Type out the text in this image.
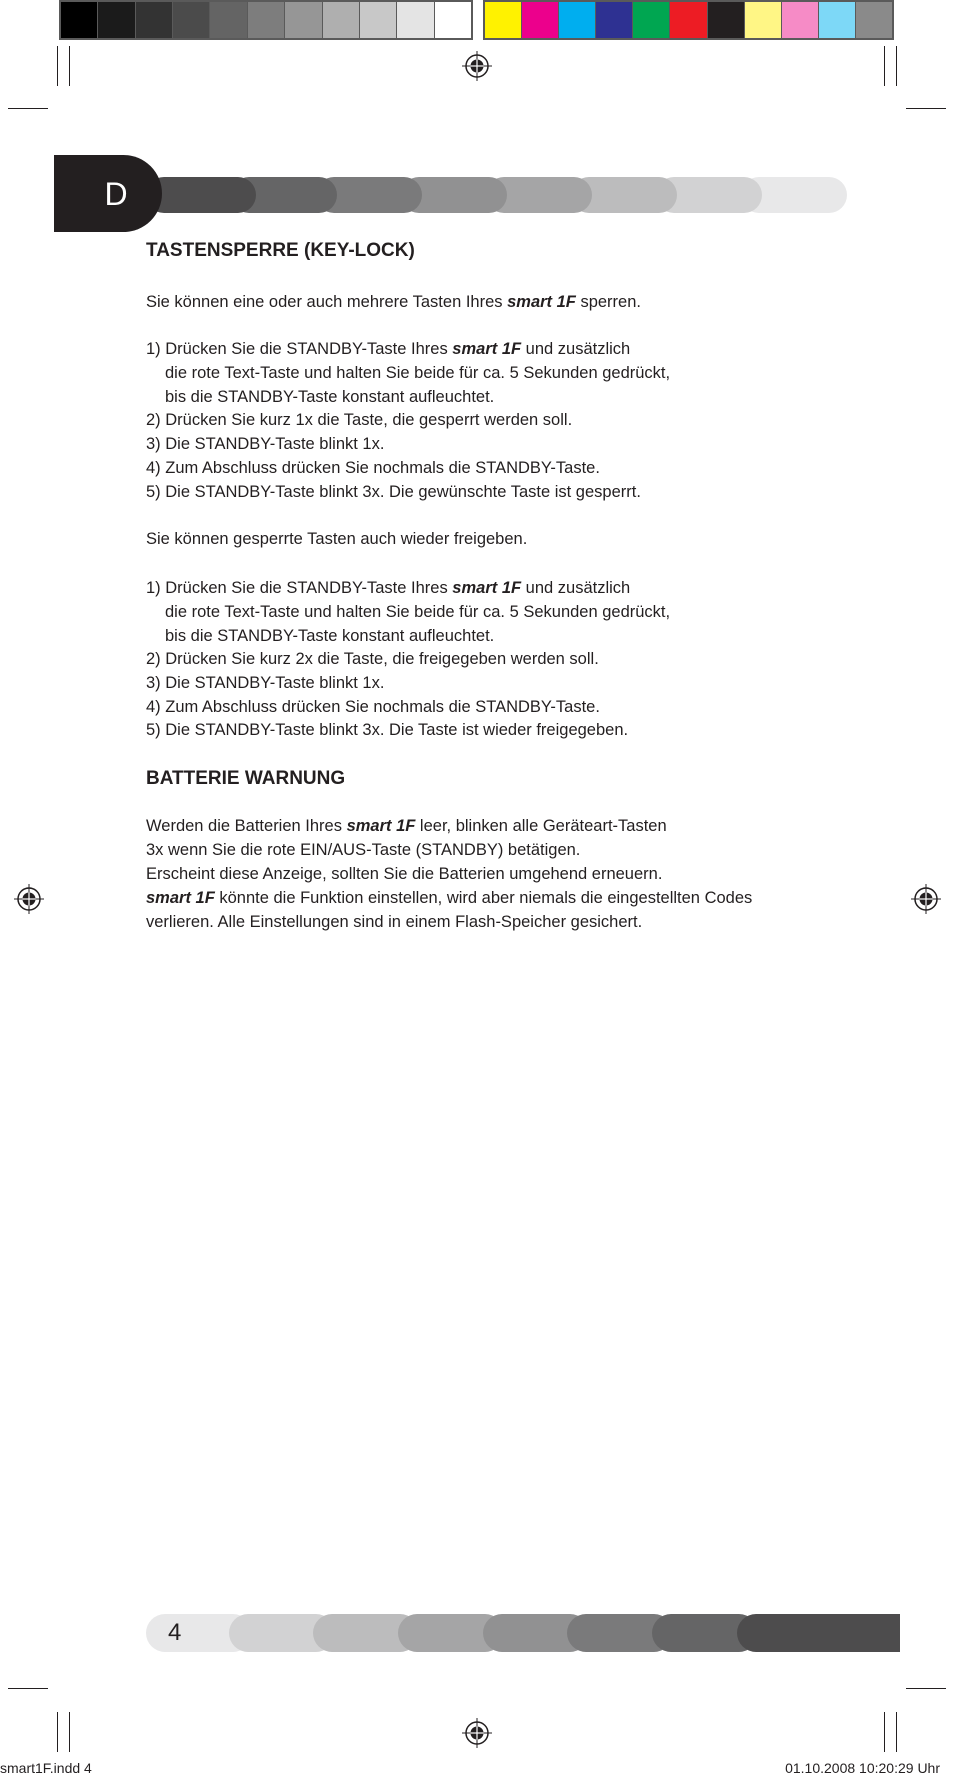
D
TASTENSPERRE (KEY-LOCK)
Sie können eine oder auch mehrere Tasten Ihres smart 1F sperren.
1) Drücken Sie die STANDBY-Taste Ihres smart 1F und zusätzlich
die rote Text-Taste und halten Sie beide für ca. 5 Sekunden gedrückt,
bis die STANDBY-Taste konstant aufleuchtet.
2) Drücken Sie kurz 1x die Taste, die gesperrt werden soll.
3) Die STANDBY-Taste blinkt 1x.
4) Zum Abschluss drücken Sie nochmals die STANDBY-Taste.
5) Die STANDBY-Taste blinkt 3x. Die gewünschte Taste ist gesperrt.
Sie können gesperrte Tasten auch wieder freigeben.
1) Drücken Sie die STANDBY-Taste Ihres smart 1F und zusätzlich
die rote Text-Taste und halten Sie beide für ca. 5 Sekunden gedrückt,
bis die STANDBY-Taste konstant aufleuchtet.
2) Drücken Sie kurz 2x die Taste, die freigegeben werden soll.
3) Die STANDBY-Taste blinkt 1x.
4) Zum Abschluss drücken Sie nochmals die STANDBY-Taste.
5) Die STANDBY-Taste blinkt 3x. Die Taste ist wieder freigegeben.
BATTERIE WARNUNG
Werden die Batterien Ihres smart 1F leer, blinken alle Geräteart-Tasten
3x wenn Sie die rote EIN/AUS-Taste (STANDBY) betätigen.
Erscheint diese Anzeige, sollten Sie die Batterien umgehend erneuern.
smart 1F könnte die Funktion einstellen, wird aber niemals die eingestellten Codes
verlieren. Alle Einstellungen sind in einem Flash-Speicher gesichert.
4
smart1F.indd 4	01.10.2008 10:20:29 Uhr
